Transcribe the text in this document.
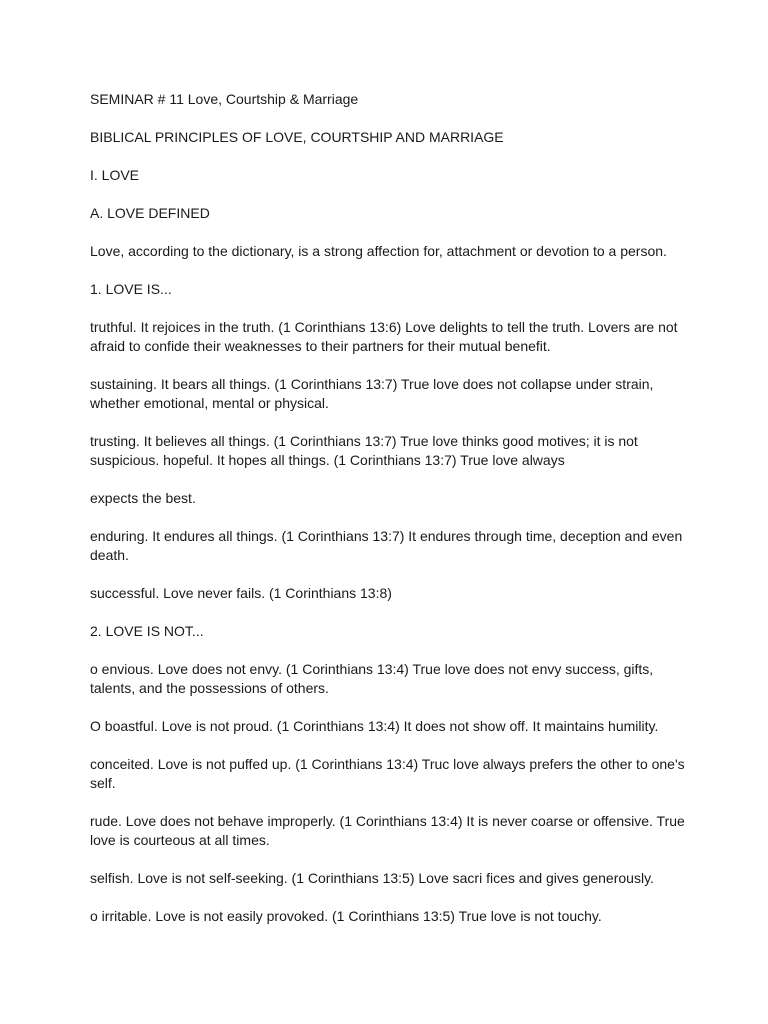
SEMINAR # 11 Love, Courtship & Marriage

BIBLICAL PRINCIPLES OF LOVE, COURTSHIP AND MARRIAGE

I. LOVE

A. LOVE DEFINED

Love, according to the dictionary, is a strong affection for, attachment or devotion to a person.

1. LOVE IS...

truthful. It rejoices in the truth. (1 Corinthians 13:6) Love delights to tell the truth. Lovers are not afraid to confide their weaknesses to their partners for their mutual benefit.

sustaining. It bears all things. (1 Corinthians 13:7) True love does not collapse under strain, whether emotional, mental or physical.

trusting. It believes all things. (1 Corinthians 13:7) True love thinks good motives; it is not suspicious. hopeful. It hopes all things. (1 Corinthians 13:7) True love always

expects the best.

enduring. It endures all things. (1 Corinthians 13:7) It endures through time, deception and even death.

successful. Love never fails. (1 Corinthians 13:8)

2. LOVE IS NOT...

o envious. Love does not envy. (1 Corinthians 13:4) True love does not envy success, gifts, talents, and the possessions of others.

O boastful. Love is not proud. (1 Corinthians 13:4) It does not show off. It maintains humility.

conceited. Love is not puffed up. (1 Corinthians 13:4) Truc love always prefers the other to one's self.

rude. Love does not behave improperly. (1 Corinthians 13:4) It is never coarse or offensive. True love is courteous at all times.

selfish. Love is not self-seeking. (1 Corinthians 13:5) Love sacri fices and gives generously.

o irritable. Love is not easily provoked. (1 Corinthians 13:5) True love is not touchy.
